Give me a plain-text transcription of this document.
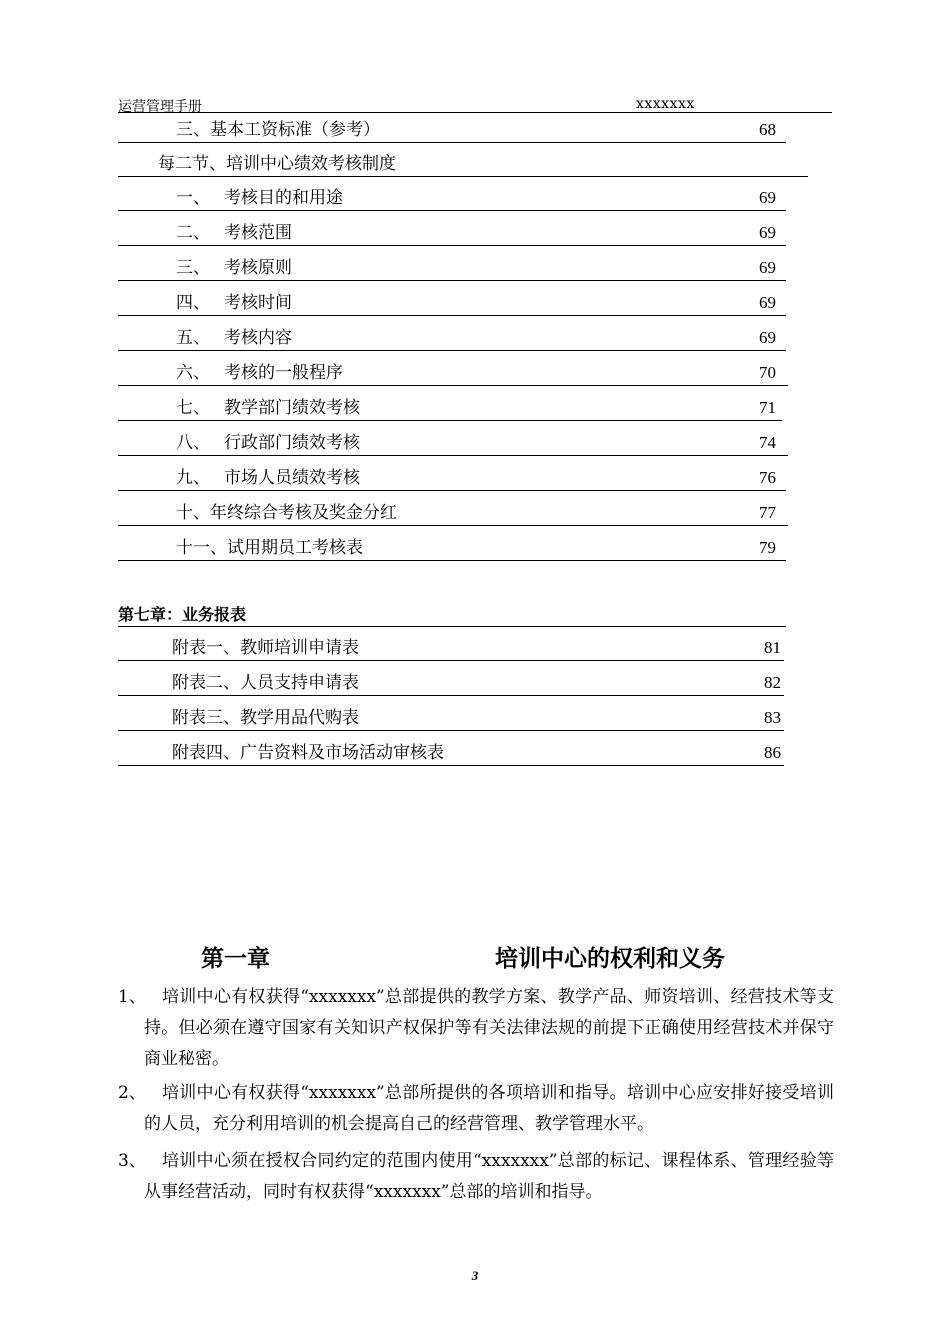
运营管理手册	xxxxxxx
三、基本工资标准（参考）	68
每二节、培训中心绩效考核制度
一、 考核目的和用途	69
二、 考核范围	69
三、 考核原则	69
四、 考核时间	69
五、 考核内容	69
六、 考核的一般程序	70
七、 教学部门绩效考核	71
八、 行政部门绩效考核	74
九、 市场人员绩效考核	76
十、年终综合考核及奖金分红	77
十一、试用期员工考核表	79
第七章：业务报表
附表一、教师培训申请表	81
附表二、人员支持申请表	82
附表三、教学用品代购表	83
附表四、广告资料及市场活动审核表	86
第一章	培训中心的权利和义务
1、 培训中心有权获得“xxxxxxx”总部提供的教学方案、教学产品、师资培训、经营技术等支持。但必须在遵守国家有关知识产权保护等有关法律法规的前提下正确使用经营技术并保守商业秘密。
2、 培训中心有权获得“xxxxxxx”总部所提供的各项培训和指导。培训中心应安排好接受培训的人员，充分利用培训的机会提高自己的经营管理、教学管理水平。
3、 培训中心须在授权合同约定的范围内使用“xxxxxxx”总部的标记、课程体系、管理经验等从事经营活动，同时有权获得“xxxxxxx”总部的培训和指导。
3
